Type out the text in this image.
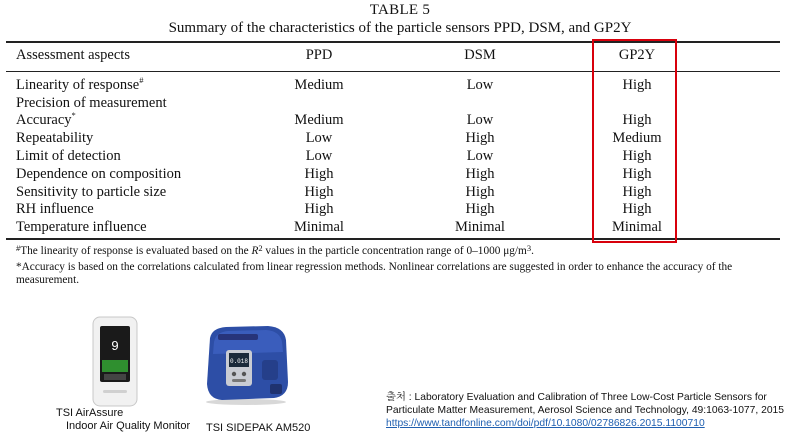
TABLE 5
Summary of the characteristics of the particle sensors PPD, DSM, and GP2Y
Assessment aspects	PPD	DSM	GP2Y
Linearity of response#	Medium	Low	High
Precision of measurement
Accuracy*	Medium	Low	High
Repeatability	Low	High	Medium
Limit of detection	Low	Low	High
Dependence on composition	High	High	High
Sensitivity to particle size	High	High	High
RH influence	High	High	High
Temperature influence	Minimal	Minimal	Minimal
#The linearity of response is evaluated based on the $R^2$ values in the particle concentration range of 0–1000 $\mu g/m^3$.
*Accuracy is based on the correlations calculated from linear regression methods. Nonlinear correlations are suggested in order to enhance the accuracy of the measurement.
9
TSI AirAssure
Indoor Air Quality Monitor
0.018
TSI SIDEPAK AM520
출처 : Laboratory Evaluation and Calibration of Three Low-Cost Particle Sensors for Particulate Matter Measurement, Aerosol Science and Technology, 49:1063-1077, 2015
https://www.tandfonline.com/doi/pdf/10.1080/02786826.2015.1100710
